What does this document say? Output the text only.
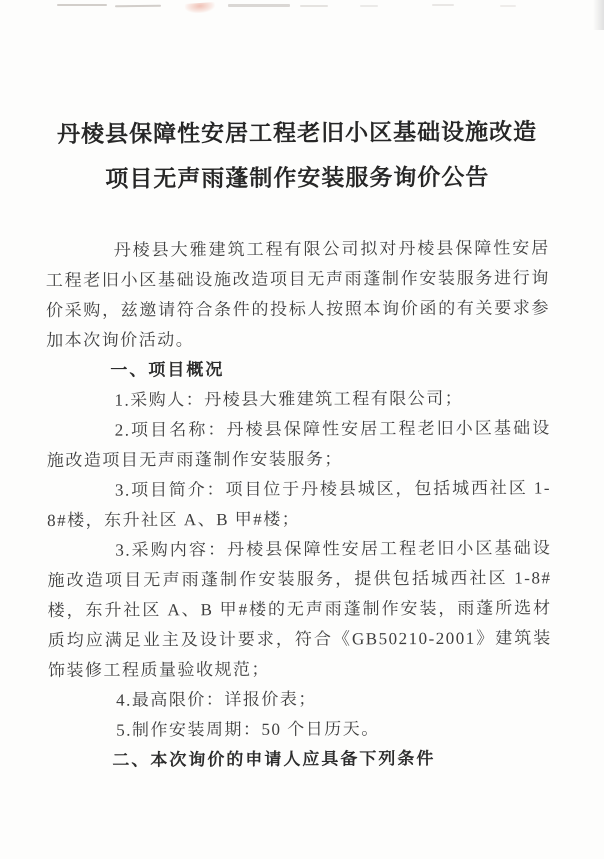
丹棱县保障性安居工程老旧小区基础设施改造
项目无声雨蓬制作安装服务询价公告

丹棱县大雅建筑工程有限公司拟对丹棱县保障性安居工程老旧小区基础设施改造项目无声雨蓬制作安装服务进行询价采购，兹邀请符合条件的投标人按照本询价函的有关要求参加本次询价活动。

一、项目概况

1.采购人：丹棱县大雅建筑工程有限公司；

2.项目名称：丹棱县保障性安居工程老旧小区基础设施改造项目无声雨蓬制作安装服务；

3.项目简介：项目位于丹棱县城区，包括城西社区 1-8#楼，东升社区 A、B 甲#楼；

3.采购内容：丹棱县保障性安居工程老旧小区基础设施改造项目无声雨蓬制作安装服务，提供包括城西社区 1-8#楼，东升社区 A、B 甲#楼的无声雨蓬制作安装，雨蓬所选材质均应满足业主及设计要求，符合《GB50210-2001》建筑装饰装修工程质量验收规范；

4.最高限价：详报价表；

5.制作安装周期：50 个日历天。

二、本次询价的申请人应具备下列条件
